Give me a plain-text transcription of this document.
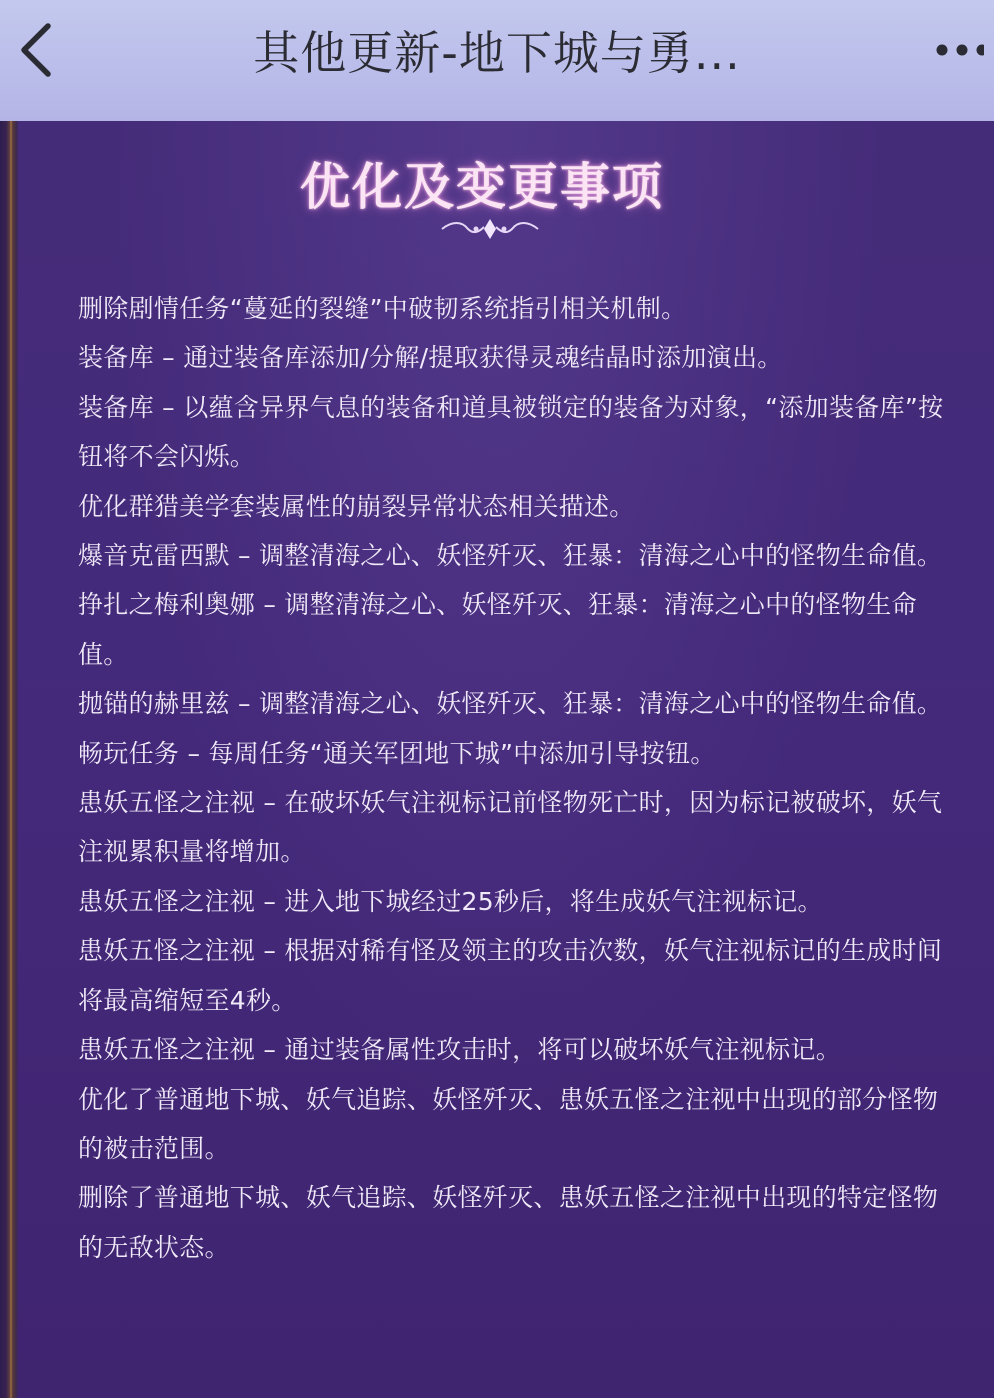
其他更新-地下城与勇...
优化及变更事项
删除剧情任务“蔓延的裂缝”中破韧系统指引相关机制。
装备库 – 通过装备库添加/分解/提取获得灵魂结晶时添加演出。
装备库 – 以蕴含异界气息的装备和道具被锁定的装备为对象，“添加装备库”按钮将不会闪烁。
优化群猎美学套装属性的崩裂异常状态相关描述。
爆音克雷西默 – 调整清海之心、妖怪歼灭、狂暴：清海之心中的怪物生命值。
挣扎之梅利奥娜 – 调整清海之心、妖怪歼灭、狂暴：清海之心中的怪物生命值。
抛锚的赫里兹 – 调整清海之心、妖怪歼灭、狂暴：清海之心中的怪物生命值。
畅玩任务 – 每周任务“通关军团地下城”中添加引导按钮。
患妖五怪之注视 – 在破坏妖气注视标记前怪物死亡时，因为标记被破坏，妖气注视累积量将增加。
患妖五怪之注视 – 进入地下城经过25秒后，将生成妖气注视标记。
患妖五怪之注视 – 根据对稀有怪及领主的攻击次数，妖气注视标记的生成时间将最高缩短至4秒。
患妖五怪之注视 – 通过装备属性攻击时，将可以破坏妖气注视标记。
优化了普通地下城、妖气追踪、妖怪歼灭、患妖五怪之注视中出现的部分怪物的被击范围。
删除了普通地下城、妖气追踪、妖怪歼灭、患妖五怪之注视中出现的特定怪物的无敌状态。
